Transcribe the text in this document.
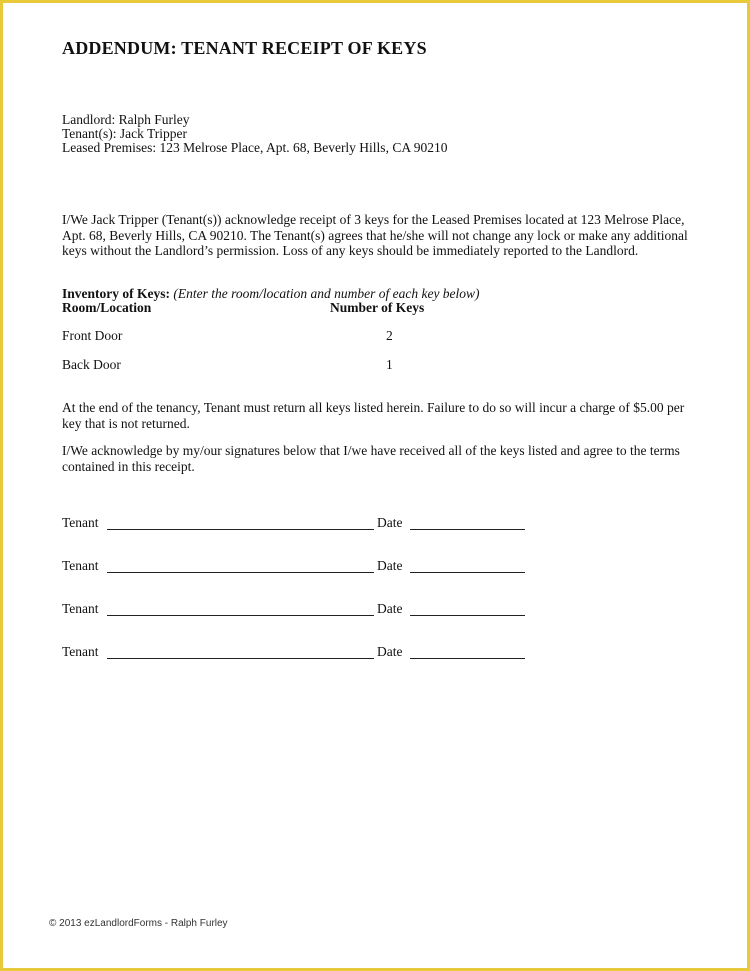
ADDENDUM: TENANT RECEIPT OF KEYS
Landlord: Ralph Furley
Tenant(s): Jack Tripper
Leased Premises: 123 Melrose Place, Apt. 68, Beverly Hills, CA 90210
I/We Jack Tripper (Tenant(s)) acknowledge receipt of 3 keys for the Leased Premises located at 123 Melrose Place, Apt. 68, Beverly Hills, CA 90210. The Tenant(s) agrees that he/she will not change any lock or make any additional keys without the Landlord’s permission. Loss of any keys should be immediately reported to the Landlord.
Inventory of Keys: (Enter the room/location and number of each key below)
Room/Location	Number of Keys
Front Door	2
Back Door	1
At the end of the tenancy, Tenant must return all keys listed herein. Failure to do so will incur a charge of $5.00 per key that is not returned.
I/We acknowledge by my/our signatures below that I/we have received all of the keys listed and agree to the terms contained in this receipt.
Tenant	Date
Tenant	Date
Tenant	Date
Tenant	Date
© 2013 ezLandlordForms - Ralph Furley
